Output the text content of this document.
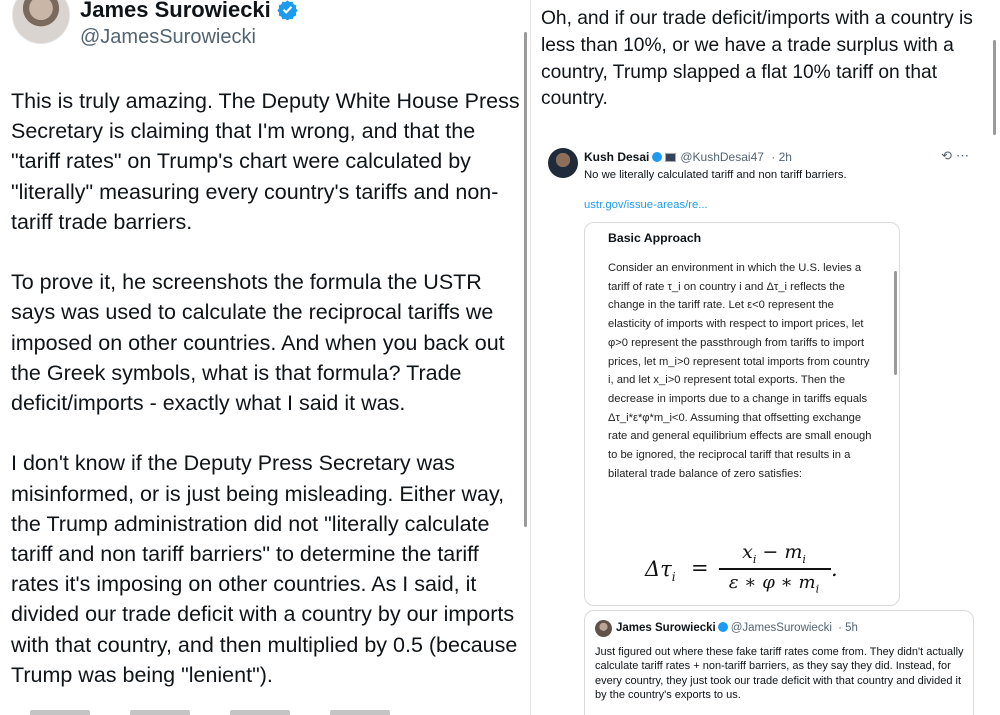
James Surowiecki
@JamesSurowiecki

This is truly amazing. The Deputy White House Press Secretary is claiming that I'm wrong, and that the "tariff rates" on Trump's chart were calculated by "literally" measuring every country's tariffs and non-tariff trade barriers.

To prove it, he screenshots the formula the USTR says was used to calculate the reciprocal tariffs we imposed on other countries. And when you back out the Greek symbols, what is that formula? Trade deficit/imports - exactly what I said it was.

I don't know if the Deputy Press Secretary was misinformed, or is just being misleading. Either way, the Trump administration did not "literally calculate tariff and non tariff barriers" to determine the tariff rates it's imposing on other countries. As I said, it divided our trade deficit with a country by our imports with that country, and then multiplied by 0.5 (because Trump was being "lenient").

Oh, and if our trade deficit/imports with a country is less than 10%, or we have a trade surplus with a country, Trump slapped a flat 10% tariff on that country.
Kush Desai	@KushDesai47 · 2h	⟲⋯
No we literally calculated tariff and non tariff barriers.
ustr.gov/issue-areas/re...
Basic Approach
Consider an environment in which the U.S. levies a tariff of rate τ_i on country i and Δτ_i reflects the change in the tariff rate. Let ε<0 represent the elasticity of imports with respect to import prices, let φ>0 represent the passthrough from tariffs to import prices, let m_i>0 represent total imports from country i, and let x_i>0 represent total exports. Then the decrease in imports due to a change in tariffs equals Δτ_i*ε*φ*m_i<0. Assuming that offsetting exchange rate and general equilibrium effects are small enough to be ignored, the reciprocal tariff that results in a bilateral trade balance of zero satisfies:
$\Delta\tau_i$ =
$x_i - m_i$
ε ∗ φ ∗ $m_i$
.
James Surowiecki @JamesSurowiecki · 5h
Just figured out where these fake tariff rates come from. They didn't actually calculate tariff rates + non-tariff barriers, as they say they did. Instead, for every country, they just took our trade deficit with that country and divided it by the country's exports to us.
